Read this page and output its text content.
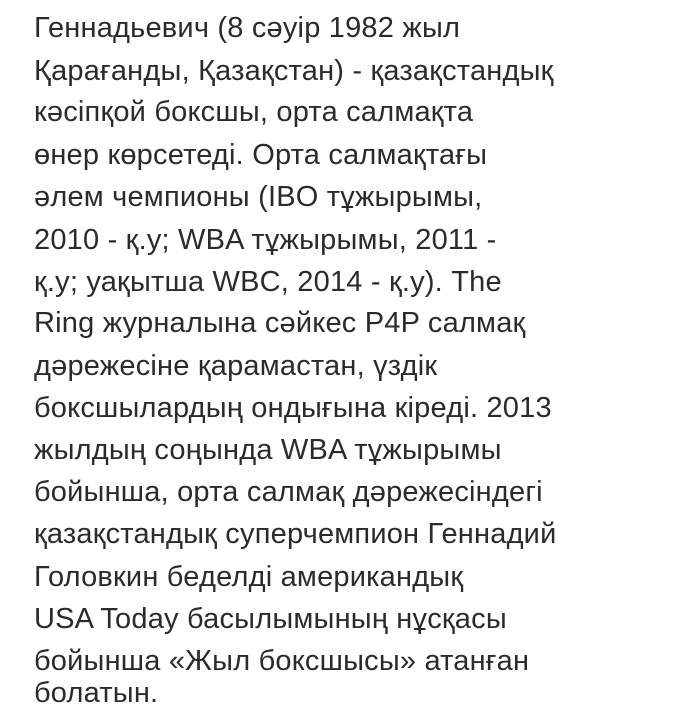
Геннадьевич (8 сәуір 1982 жыл
Қарағанды, Қазақстан) - қазақстандық
кәсіпқой боксшы, орта салмақта
өнер көрсетеді. Орта салмақтағы
әлем чемпионы (IBO тұжырымы,
2010 - қ.у; WBA тұжырымы, 2011 -
қ.у; уақытша WBC, 2014 - қ.у). The
Ring журналына сәйкес P4P салмақ
дәрежесіне қарамастан, үздік
боксшылардың ондығына кіреді. 2013
жылдың соңында WBA тұжырымы
бойынша, орта салмақ дәрежесіндегі
қазақстандық суперчемпион Геннадий
Головкин беделді американдық
USA Today басылымының нұсқасы
бойынша «Жыл боксшысы» атанған
болатын.
